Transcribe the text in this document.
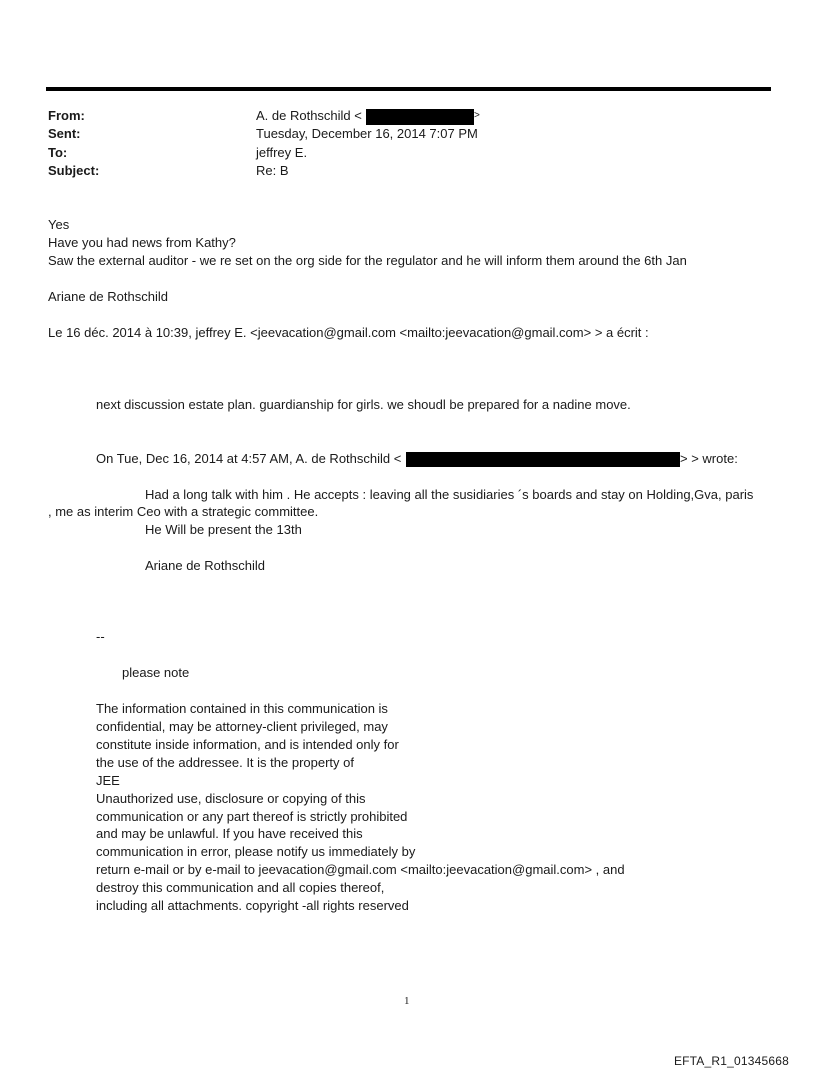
From:	A. de Rothschild <	>
Sent:	Tuesday, December 16, 2014 7:07 PM
To:	jeffrey E.
Subject:	Re: B
Yes
Have you had news from Kathy?
Saw the external auditor - we re set on the org side for the regulator and he will inform them around the 6th Jan
Ariane de Rothschild
Le 16 déc. 2014 à 10:39, jeffrey E. <jeevacation@gmail.com <mailto:jeevacation@gmail.com> > a écrit :
next discussion estate plan. guardianship for girls. we shoudl be prepared for a nadine move.
On Tue, Dec 16, 2014 at 4:57 AM, A. de Rothschild <	> > wrote:
Had a long talk with him . He accepts : leaving all the susidiaries ´s boards and stay on Holding,Gva, paris
, me as interim Ceo with a strategic committee.
He Will be present the 13th
Ariane de Rothschild
--
please note
The information contained in this communication is
confidential, may be attorney-client privileged, may
constitute inside information, and is intended only for
the use of the addressee. It is the property of
JEE
Unauthorized use, disclosure or copying of this
communication or any part thereof is strictly prohibited
and may be unlawful. If you have received this
communication in error, please notify us immediately by
return e-mail or by e-mail to jeevacation@gmail.com <mailto:jeevacation@gmail.com> , and
destroy this communication and all copies thereof,
including all attachments. copyright -all rights reserved
1
EFTA_R1_01345668
